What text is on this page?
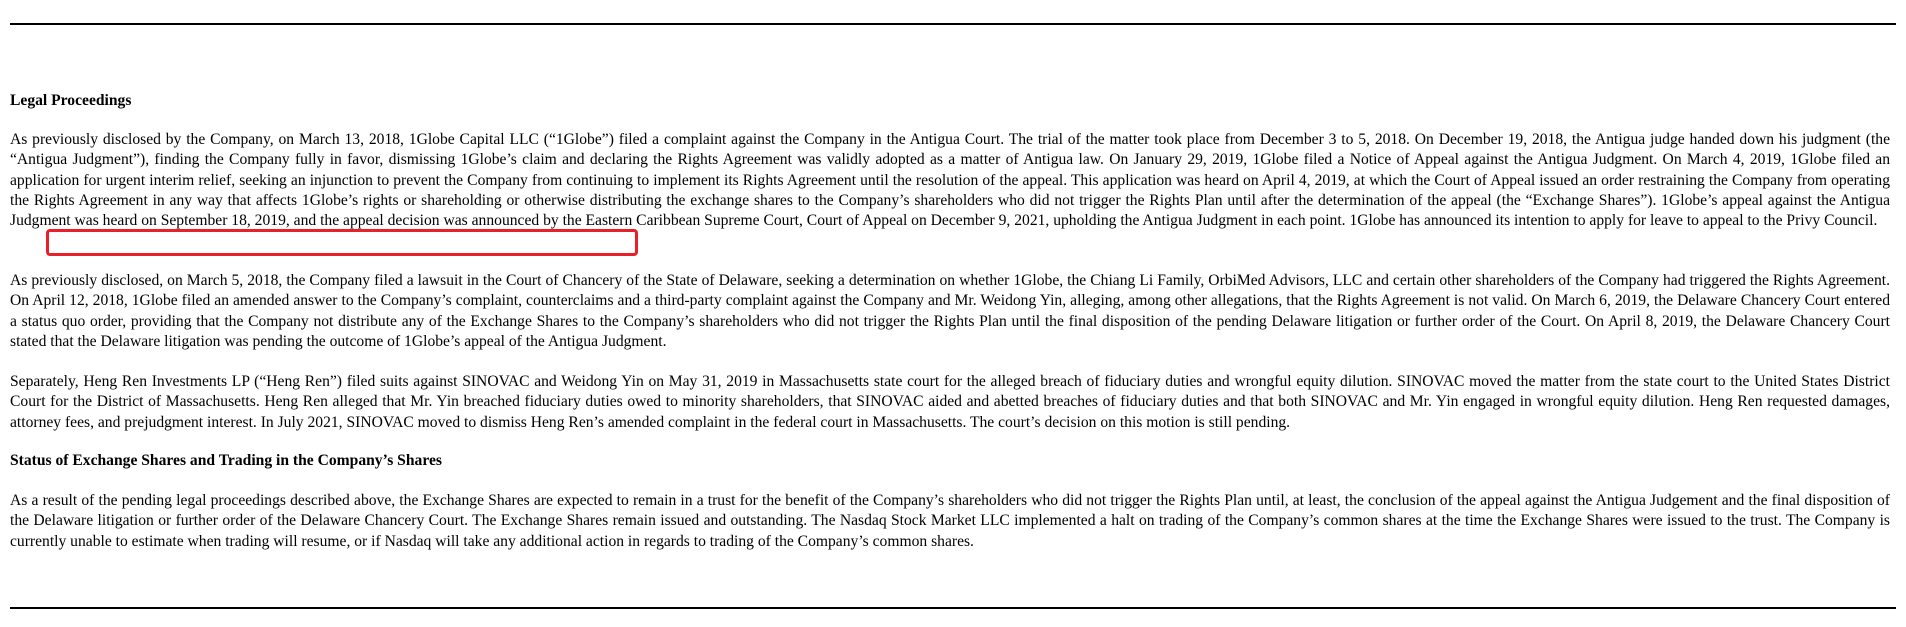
Legal Proceedings
As previously disclosed by the Company, on March 13, 2018, 1Globe Capital LLC (“1Globe”) filed a complaint against the Company in the Antigua Court. The trial of the matter took place from December 3 to 5, 2018. On December 19, 2018, the Antigua judge handed down his judgment (the “Antigua Judgment”), finding the Company fully in favor, dismissing 1Globe’s claim and declaring the Rights Agreement was validly adopted as a matter of Antigua law. On January 29, 2019, 1Globe filed a Notice of Appeal against the Antigua Judgment. On March 4, 2019, 1Globe filed an application for urgent interim relief, seeking an injunction to prevent the Company from continuing to implement its Rights Agreement until the resolution of the appeal. This application was heard on April 4, 2019, at which the Court of Appeal issued an order restraining the Company from operating the Rights Agreement in any way that affects 1Globe’s rights or shareholding or otherwise distributing the exchange shares to the Company’s shareholders who did not trigger the Rights Plan until after the determination of the appeal (the “Exchange Shares”). 1Globe’s appeal against the Antigua Judgment was heard on September 18, 2019, and the appeal decision was announced by the Eastern Caribbean Supreme Court, Court of Appeal on December 9, 2021, upholding the Antigua Judgment in each point. 1Globe has announced its intention to apply for leave to appeal to the Privy Council.
As previously disclosed, on March 5, 2018, the Company filed a lawsuit in the Court of Chancery of the State of Delaware, seeking a determination on whether 1Globe, the Chiang Li Family, OrbiMed Advisors, LLC and certain other shareholders of the Company had triggered the Rights Agreement. On April 12, 2018, 1Globe filed an amended answer to the Company’s complaint, counterclaims and a third-party complaint against the Company and Mr. Weidong Yin, alleging, among other allegations, that the Rights Agreement is not valid. On March 6, 2019, the Delaware Chancery Court entered a status quo order, providing that the Company not distribute any of the Exchange Shares to the Company’s shareholders who did not trigger the Rights Plan until the final disposition of the pending Delaware litigation or further order of the Court. On April 8, 2019, the Delaware Chancery Court stated that the Delaware litigation was pending the outcome of 1Globe’s appeal of the Antigua Judgment.
Separately, Heng Ren Investments LP (“Heng Ren”) filed suits against SINOVAC and Weidong Yin on May 31, 2019 in Massachusetts state court for the alleged breach of fiduciary duties and wrongful equity dilution. SINOVAC moved the matter from the state court to the United States District Court for the District of Massachusetts. Heng Ren alleged that Mr. Yin breached fiduciary duties owed to minority shareholders, that SINOVAC aided and abetted breaches of fiduciary duties and that both SINOVAC and Mr. Yin engaged in wrongful equity dilution. Heng Ren requested damages, attorney fees, and prejudgment interest. In July 2021, SINOVAC moved to dismiss Heng Ren’s amended complaint in the federal court in Massachusetts. The court’s decision on this motion is still pending.
Status of Exchange Shares and Trading in the Company’s Shares
As a result of the pending legal proceedings described above, the Exchange Shares are expected to remain in a trust for the benefit of the Company’s shareholders who did not trigger the Rights Plan until, at least, the conclusion of the appeal against the Antigua Judgement and the final disposition of the Delaware litigation or further order of the Delaware Chancery Court. The Exchange Shares remain issued and outstanding. The Nasdaq Stock Market LLC implemented a halt on trading of the Company’s common shares at the time the Exchange Shares were issued to the trust. The Company is currently unable to estimate when trading will resume, or if Nasdaq will take any additional action in regards to trading of the Company’s common shares.
